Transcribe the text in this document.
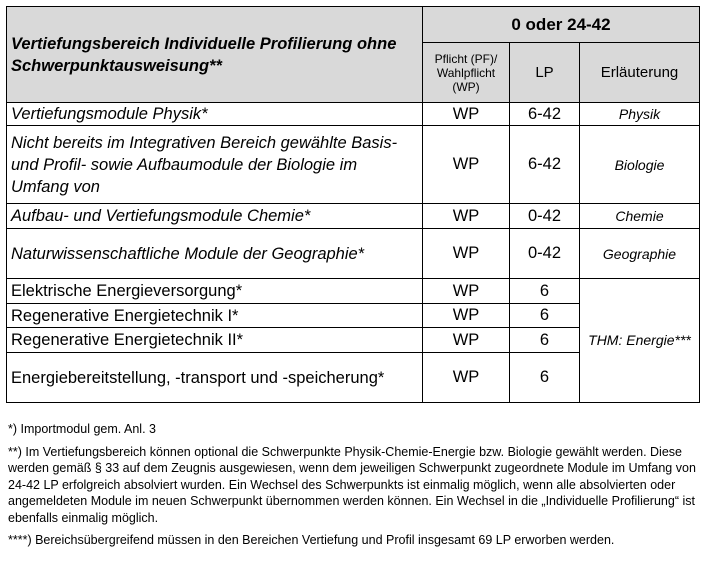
Vertiefungsbereich Individuelle Profilierung ohne Schwerpunktausweisung**	0 oder 24-42		
	Pflicht (PF)/ Wahlpflicht (WP)	LP	Erläuterung
Vertiefungsmodule Physik*	WP	6-42	Physik
Nicht bereits im Integrativen Bereich gewählte Basis- und Profil- sowie Aufbaumodule der Biologie im Umfang von	WP	6-42	Biologie
Aufbau- und Vertiefungsmodule Chemie*	WP	0-42	Chemie
Naturwissenschaftliche Module der Geographie*	WP	0-42	Geographie
Elektrische Energieversorgung*	WP	6	THM: Energie***
Regenerative Energietechnik I*	WP	6	
Regenerative Energietechnik II*	WP	6	
Energiebereitstellung, -transport und -speicherung*	WP	6	

*) Importmodul gem. Anl. 3

**) Im Vertiefungsbereich können optional die Schwerpunkte Physik-Chemie-Energie bzw. Biologie gewählt werden. Diese werden gemäß § 33 auf dem Zeugnis ausgewiesen, wenn dem jeweiligen Schwerpunkt zugeordnete Module im Umfang von 24-42 LP erfolgreich absolviert wurden. Ein Wechsel des Schwerpunkts ist einmalig möglich, wenn alle absolvierten oder angemeldeten Module im neuen Schwerpunkt übernommen werden können. Ein Wechsel in die „Individuelle Profilierung“ ist ebenfalls einmalig möglich.

****) Bereichsübergreifend müssen in den Bereichen Vertiefung und Profil insgesamt 69 LP erworben werden.
